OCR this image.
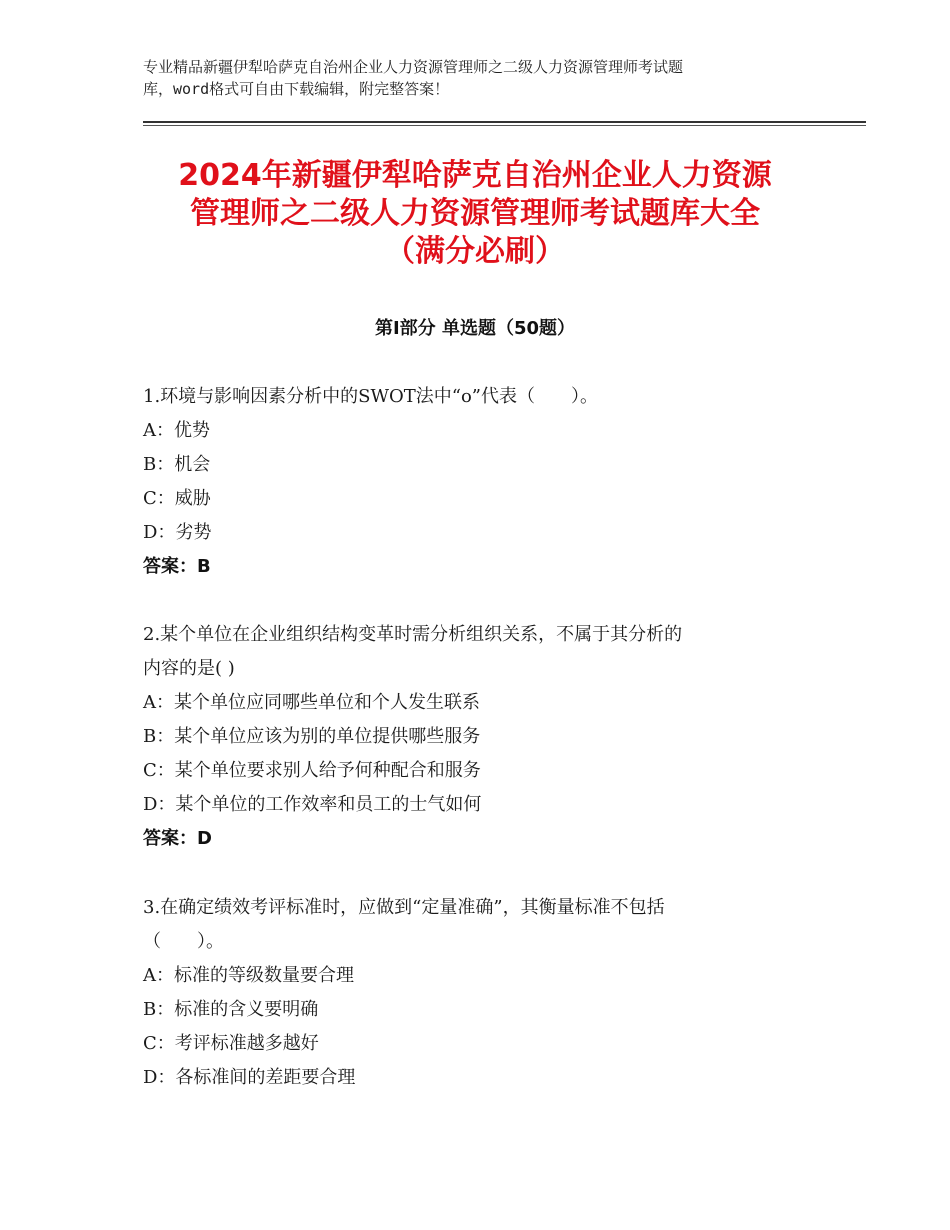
专业精品新疆伊犁哈萨克自治州企业人力资源管理师之二级人力资源管理师考试题
库，word格式可自由下载编辑，附完整答案！
2024年新疆伊犁哈萨克自治州企业人力资源
管理师之二级人力资源管理师考试题库大全
（满分必刷）
第Ⅰ部分 单选题（50题）
1.环境与影响因素分析中的SWOT法中“o”代表（　　）。
A：优势
B：机会
C：威胁
D：劣势
答案：B
2.某个单位在企业组织结构变革时需分析组织关系，不属于其分析的
内容的是( )
A：某个单位应同哪些单位和个人发生联系
B：某个单位应该为别的单位提供哪些服务
C：某个单位要求别人给予何种配合和服务
D：某个单位的工作效率和员工的士气如何
答案：D
3.在确定绩效考评标准时，应做到“定量准确”，其衡量标准不包括
（　　）。
A：标准的等级数量要合理
B：标准的含义要明确
C：考评标准越多越好
D：各标准间的差距要合理
